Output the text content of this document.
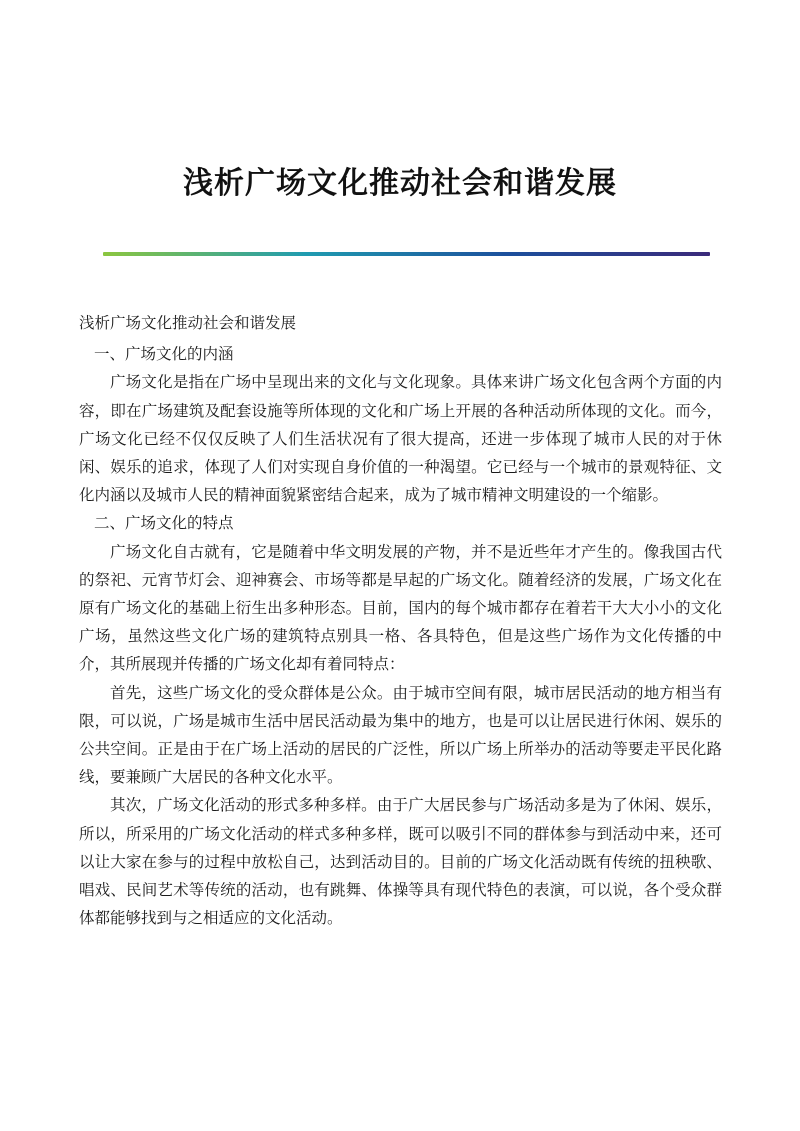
浅析广场文化推动社会和谐发展

浅析广场文化推动社会和谐发展

一、广场文化的内涵

广场文化是指在广场中呈现出来的文化与文化现象。具体来讲广场文化包含两个方面的内容，即在广场建筑及配套设施等所体现的文化和广场上开展的各种活动所体现的文化。而今，广场文化已经不仅仅反映了人们生活状况有了很大提高，还进一步体现了城市人民的对于休闲、娱乐的追求，体现了人们对实现自身价值的一种渴望。它已经与一个城市的景观特征、文化内涵以及城市人民的精神面貌紧密结合起来，成为了城市精神文明建设的一个缩影。

二、广场文化的特点

广场文化自古就有，它是随着中华文明发展的产物，并不是近些年才产生的。像我国古代的祭祀、元宵节灯会、迎神赛会、市场等都是早起的广场文化。随着经济的发展，广场文化在原有广场文化的基础上衍生出多种形态。目前，国内的每个城市都存在着若干大大小小的文化广场，虽然这些文化广场的建筑特点别具一格、各具特色，但是这些广场作为文化传播的中介，其所展现并传播的广场文化却有着同特点：

首先，这些广场文化的受众群体是公众。由于城市空间有限，城市居民活动的地方相当有限，可以说，广场是城市生活中居民活动最为集中的地方，也是可以让居民进行休闲、娱乐的公共空间。正是由于在广场上活动的居民的广泛性，所以广场上所举办的活动等要走平民化路线，要兼顾广大居民的各种文化水平。

其次，广场文化活动的形式多种多样。由于广大居民参与广场活动多是为了休闲、娱乐，所以，所采用的广场文化活动的样式多种多样，既可以吸引不同的群体参与到活动中来，还可以让大家在参与的过程中放松自己，达到活动目的。目前的广场文化活动既有传统的扭秧歌、唱戏、民间艺术等传统的活动，也有跳舞、体操等具有现代特色的表演，可以说，各个受众群体都能够找到与之相适应的文化活动。
